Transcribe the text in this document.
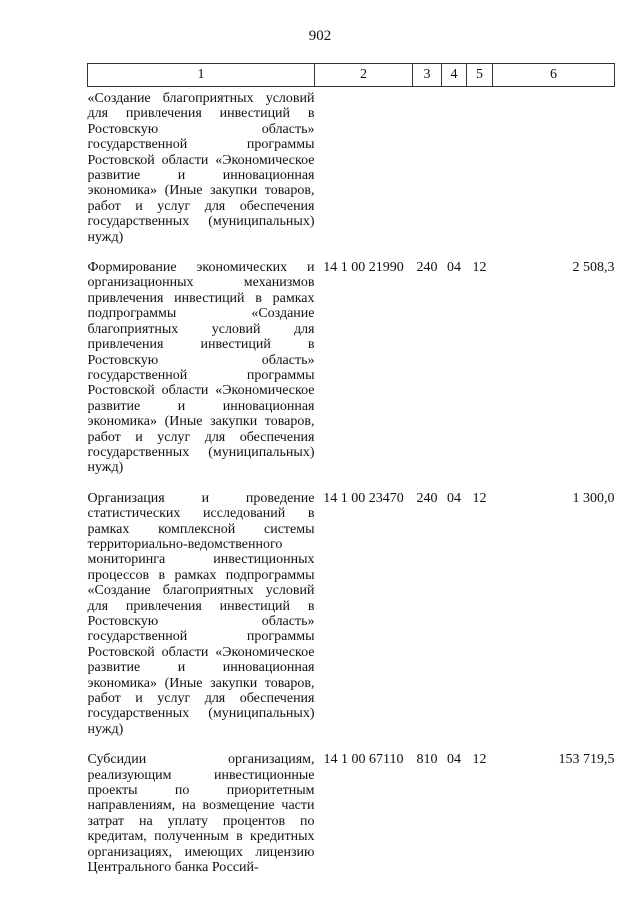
902
1	2	3	4	5	6
«Создание благоприятных условий для привлечения инвестиций в Ростовскую область» государственной программы Ростовской области «Экономическое развитие и инновационная экономика» (Иные закупки товаров, работ и услуг для обеспечения государственных (муниципальных) нужд)					
Формирование экономических и организационных механизмов привлечения инвестиций в рамках подпрограммы «Создание благоприятных условий для привлечения инвестиций в Ростовскую область» государственной программы Ростовской области «Экономическое развитие и инновационная экономика» (Иные закупки товаров, работ и услуг для обеспечения государственных (муниципальных) нужд)	14 1 00 21990	240	04	12	2 508,3
Организация и проведение статистических исследований в рамках комплексной системы территориально-ведомственного мониторинга инвестиционных процессов в рамках подпрограммы «Создание благоприятных условий для привлечения инвестиций в Ростовскую область» государственной программы Ростовской области «Экономическое развитие и инновационная экономика» (Иные закупки товаров, работ и услуг для обеспечения государственных (муниципальных) нужд)	14 1 00 23470	240	04	12	1 300,0
Субсидии организациям, реализующим инвестиционные проекты по приоритетным направлениям, на возмещение части затрат на уплату процентов по кредитам, полученным в кредитных организациях, имеющих лицензию Центрального банка Россий-	14 1 00 67110	810	04	12	153 719,5
